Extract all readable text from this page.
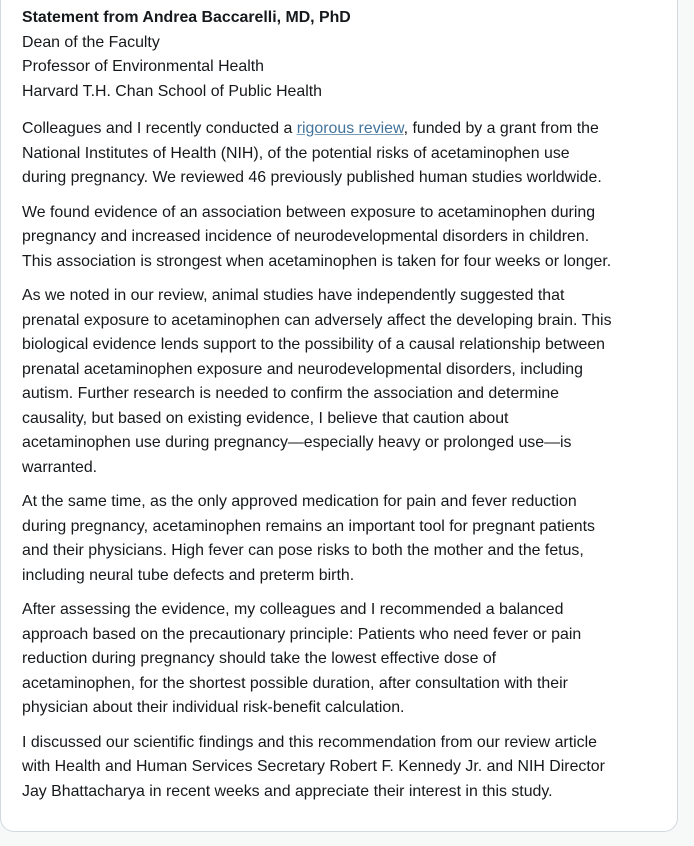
Statement from Andrea Baccarelli, MD, PhD
Dean of the Faculty
Professor of Environmental Health
Harvard T.H. Chan School of Public Health

Colleagues and I recently conducted a rigorous review, funded by a grant from the
National Institutes of Health (NIH), of the potential risks of acetaminophen use
during pregnancy. We reviewed 46 previously published human studies worldwide.

We found evidence of an association between exposure to acetaminophen during
pregnancy and increased incidence of neurodevelopmental disorders in children.
This association is strongest when acetaminophen is taken for four weeks or longer.

As we noted in our review, animal studies have independently suggested that
prenatal exposure to acetaminophen can adversely affect the developing brain. This
biological evidence lends support to the possibility of a causal relationship between
prenatal acetaminophen exposure and neurodevelopmental disorders, including
autism. Further research is needed to confirm the association and determine
causality, but based on existing evidence, I believe that caution about
acetaminophen use during pregnancy—especially heavy or prolonged use—is
warranted.

At the same time, as the only approved medication for pain and fever reduction
during pregnancy, acetaminophen remains an important tool for pregnant patients
and their physicians. High fever can pose risks to both the mother and the fetus,
including neural tube defects and preterm birth.

After assessing the evidence, my colleagues and I recommended a balanced
approach based on the precautionary principle: Patients who need fever or pain
reduction during pregnancy should take the lowest effective dose of
acetaminophen, for the shortest possible duration, after consultation with their
physician about their individual risk-benefit calculation.

I discussed our scientific findings and this recommendation from our review article
with Health and Human Services Secretary Robert F. Kennedy Jr. and NIH Director
Jay Bhattacharya in recent weeks and appreciate their interest in this study.
